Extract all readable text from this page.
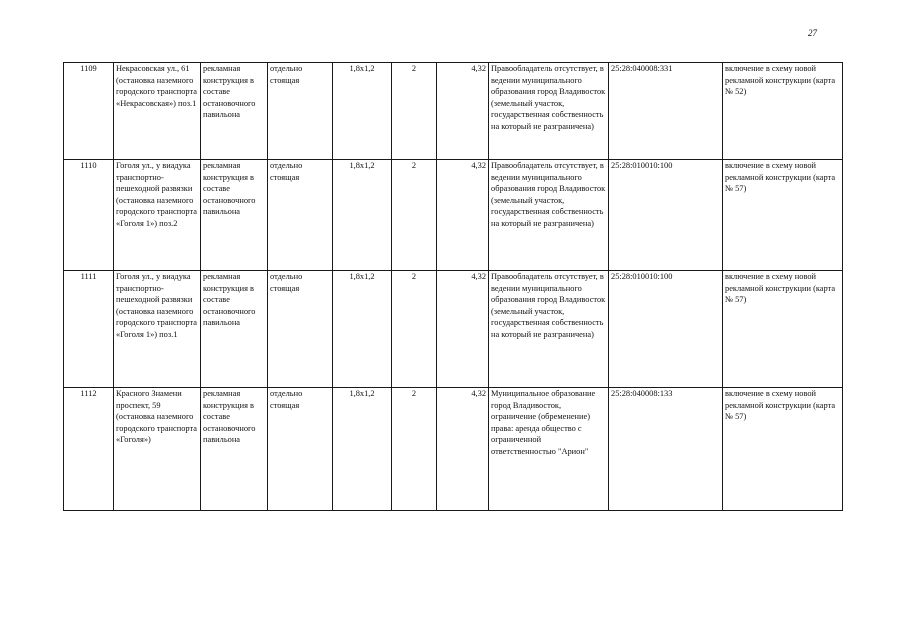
27
1109	Некрасовская ул., 61 (остановка наземного городского транспорта «Некрасовская») поз.1	рекламная конструкция в составе остановочного павильона	отдельно стоящая	1,8x1,2	2	4,32	Правообладатель отсутствует, в ведении муниципального образования город Владивосток (земельный участок, государственная собственность на который не разграничена)	25:28:040008:331	включение в схему новой рекламной конструкции (карта № 52)
1110	Гоголя ул., у виадука транспортно-пешеходной развязки (остановка наземного городского транспорта «Гоголя 1») поз.2	рекламная конструкция в составе остановочного павильона	отдельно стоящая	1,8x1,2	2	4,32	Правообладатель отсутствует, в ведении муниципального образования город Владивосток (земельный участок, государственная собственность на который не разграничена)	25:28:010010:100	включение в схему новой рекламной конструкции (карта № 57)
1111	Гоголя ул., у виадука транспортно-пешеходной развязки (остановка наземного городского транспорта «Гоголя 1») поз.1	рекламная конструкция в составе остановочного павильона	отдельно стоящая	1,8x1,2	2	4,32	Правообладатель отсутствует, в ведении муниципального образования город Владивосток (земельный участок, государственная собственность на который не разграничена)	25:28:010010:100	включение в схему новой рекламной конструкции (карта № 57)
1112	Красного Знамени проспект, 59 (остановка наземного городского транспорта «Гоголя»)	рекламная конструкция в составе остановочного павильона	отдельно стоящая	1,8x1,2	2	4,32	Муниципальное образование город Владивосток, ограничение (обременение) права: аренда общество с ограниченной ответственностью "Арион"	25:28:040008:133	включение в схему новой рекламной конструкции (карта № 57)
